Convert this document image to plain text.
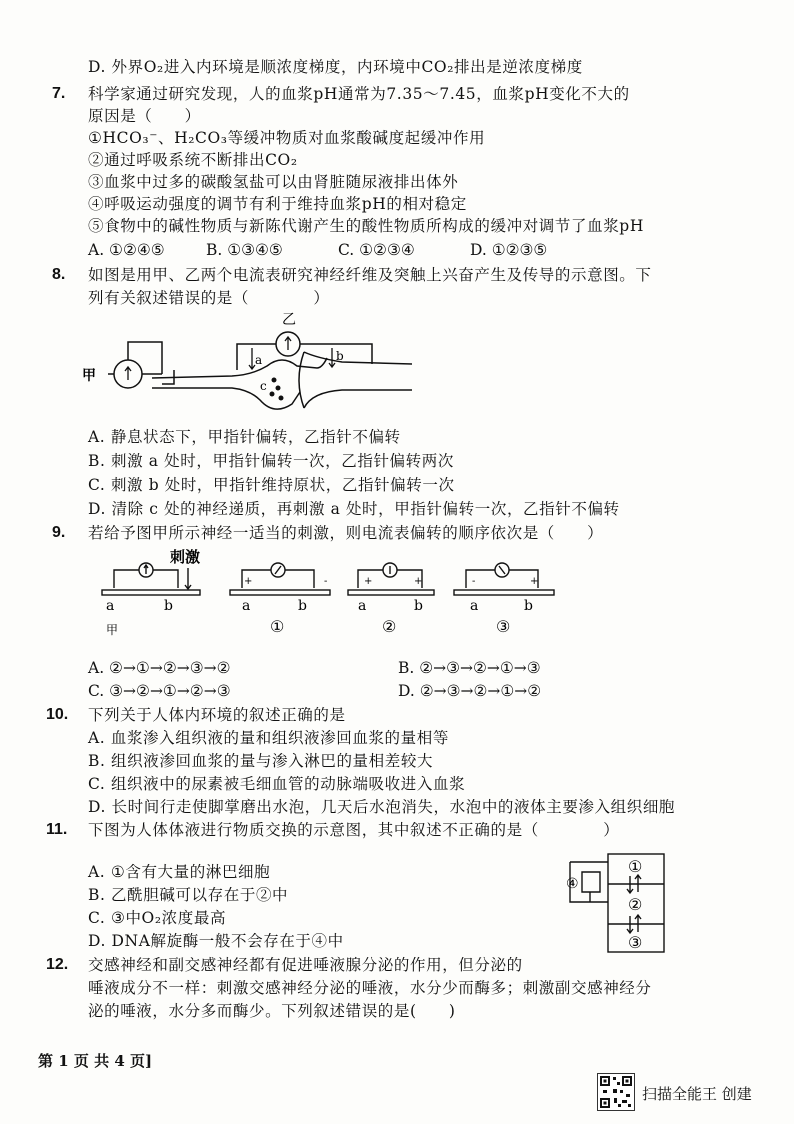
D. 外界O₂进入内环境是顺浓度梯度，内环境中CO₂排出是逆浓度梯度
7. 科学家通过研究发现，人的血浆pH通常为7.35～7.45，血浆pH变化不大的
原因是（　　）
①HCO₃⁻、H₂CO₃等缓冲物质对血浆酸碱度起缓冲作用
②通过呼吸系统不断排出CO₂
③血浆中过多的碳酸氢盐可以由肾脏随尿液排出体外
④呼吸运动强度的调节有利于维持血浆pH的相对稳定
⑤食物中的碱性物质与新陈代谢产生的酸性物质所构成的缓冲对调节了血浆pH
A. ①②④⑤	B. ①③④⑤	C. ①②③④	D. ①②③⑤
8. 如图是用甲、乙两个电流表研究神经纤维及突触上兴奋产生及传导的示意图。下
列有关叙述错误的是（　　　　）
甲
乙
a	b
c
A. 静息状态下，甲指针偏转，乙指针不偏转
B. 刺激 a 处时，甲指针偏转一次，乙指针偏转两次
C. 刺激 b 处时，甲指针维持原状，乙指针偏转一次
D. 清除 c 处的神经递质，再刺激 a 处时，甲指针偏转一次，乙指针不偏转
9. 若给予图甲所示神经一适当的刺激，则电流表偏转的顺序依次是（　　）
-
+	+	+	-	+
刺激
a	b
甲
a	b	a	b	a	b
①	②	③
A. ②→①→②→③→②	B. ②→③→②→①→③
C. ③→②→①→②→③	D. ②→③→②→①→②
10. 下列关于人体内环境的叙述正确的是
A. 血浆渗入组织液的量和组织液渗回血浆的量相等
B. 组织液渗回血浆的量与渗入淋巴的量相差较大
C. 组织液中的尿素被毛细血管的动脉端吸收进入血浆
D. 长时间行走使脚掌磨出水泡，几天后水泡消失，水泡中的液体主要渗入组织细胞
11. 下图为人体体液进行物质交换的示意图，其中叙述不正确的是（　　　　）
A. ①含有大量的淋巴细胞
B. 乙酰胆碱可以存在于②中
C. ③中O₂浓度最高
D. DNA解旋酶一般不会存在于④中
①
②
③
④
12. 交感神经和副交感神经都有促进唾液腺分泌的作用，但分泌的
唾液成分不一样：刺激交感神经分泌的唾液，水分少而酶多；刺激副交感神经分
泌的唾液，水分多而酶少。下列叙述错误的是(　　)
第 1 页 共 4 页]
扫描全能王 创建
